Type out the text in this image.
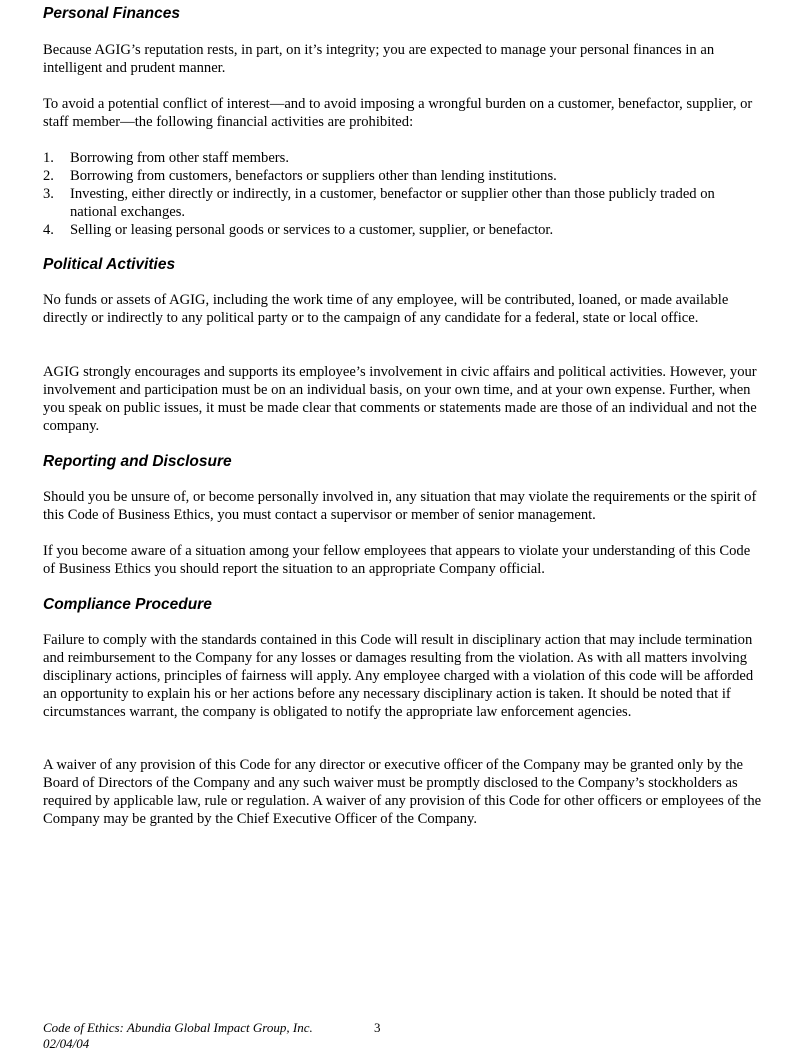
Personal Finances

Because AGIG’s reputation rests, in part, on it’s integrity; you are expected to manage your personal finances in an intelligent and prudent manner.

To avoid a potential conflict of interest—and to avoid imposing a wrongful burden on a customer, benefactor, supplier, or staff member—the following financial activities are prohibited:

1. Borrowing from other staff members.
2. Borrowing from customers, benefactors or suppliers other than lending institutions.
3. Investing, either directly or indirectly, in a customer, benefactor or supplier other than those publicly traded on national exchanges.
4. Selling or leasing personal goods or services to a customer, supplier, or benefactor.
Political Activities

No funds or assets of AGIG, including the work time of any employee, will be contributed, loaned, or made available directly or indirectly to any political party or to the campaign of any candidate for a federal, state or local office.

AGIG strongly encourages and supports its employee’s involvement in civic affairs and political activities. However, your involvement and participation must be on an individual basis, on your own time, and at your own expense. Further, when you speak on public issues, it must be made clear that comments or statements made are those of an individual and not the company.

Reporting and Disclosure

Should you be unsure of, or become personally involved in, any situation that may violate the requirements or the spirit of this Code of Business Ethics, you must contact a supervisor or member of senior management.

If you become aware of a situation among your fellow employees that appears to violate your understanding of this Code of Business Ethics you should report the situation to an appropriate Company official.

Compliance Procedure

Failure to comply with the standards contained in this Code will result in disciplinary action that may include termination and reimbursement to the Company for any losses or damages resulting from the violation. As with all matters involving disciplinary actions, principles of fairness will apply. Any employee charged with a violation of this code will be afforded an opportunity to explain his or her actions before any necessary disciplinary action is taken. It should be noted that if circumstances warrant, the company is obligated to notify the appropriate law enforcement agencies.

A waiver of any provision of this Code for any director or executive officer of the Company may be granted only by the Board of Directors of the Company and any such waiver must be promptly disclosed to the Company’s stockholders as required by applicable law, rule or regulation. A waiver of any provision of this Code for other officers or employees of the Company may be granted by the Chief Executive Officer of the Company.

Code of Ethics: Abundia Global Impact Group, Inc. 02/04/04
3
